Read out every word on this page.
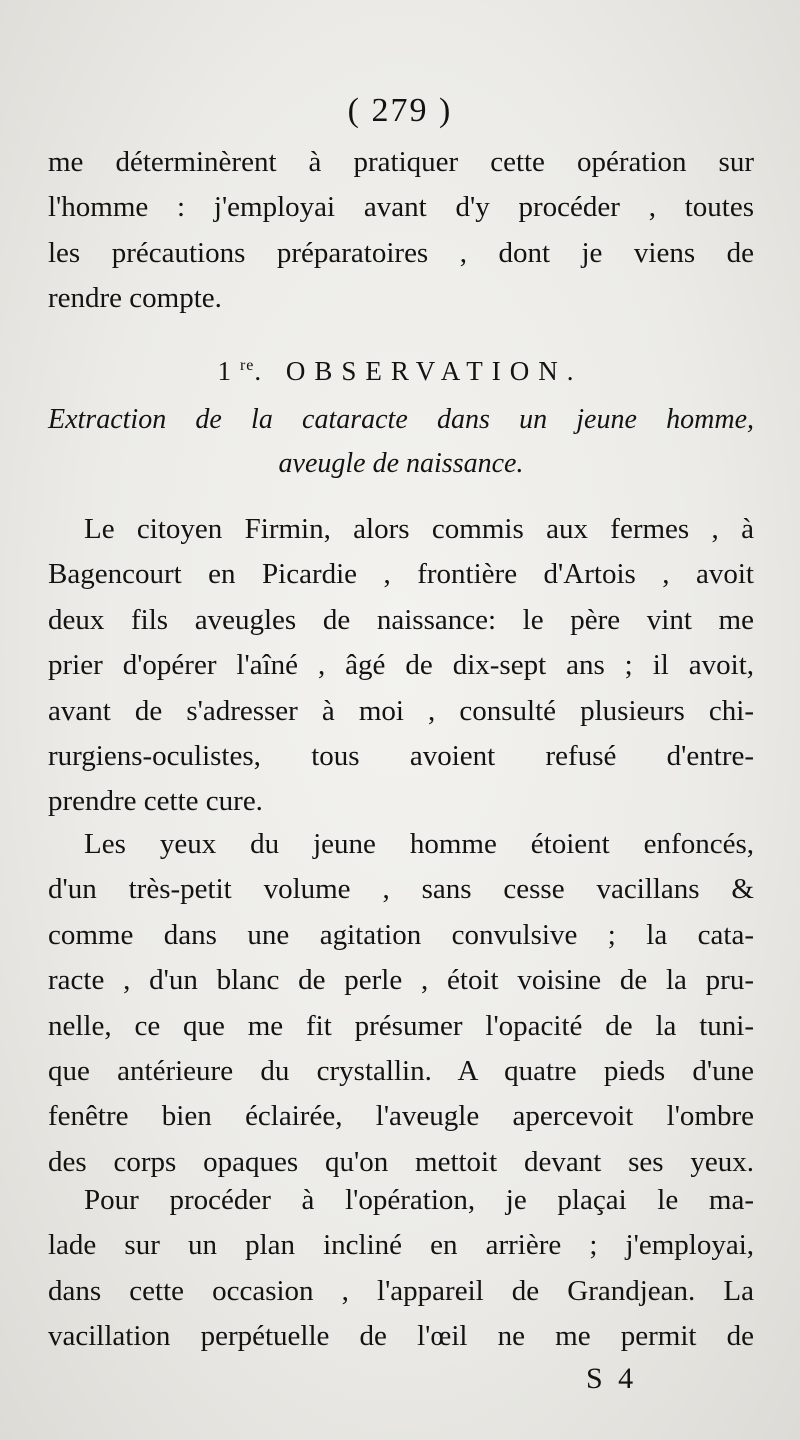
( 279 )
me déterminèrent à pratiquer cette opération sur
l'homme : j'employai avant d'y procéder , toutes
les précautions préparatoires , dont je viens de
rendre compte.
1re. OBSERVATION.
Extraction de la cataracte dans un jeune homme,
aveugle de naissance.
Le citoyen Firmin, alors commis aux fermes , à
Bagencourt en Picardie , frontière d'Artois , avoit
deux fils aveugles de naissance: le père vint me
prier d'opérer l'aîné , âgé de dix-sept ans ; il avoit,
avant de s'adresser à moi , consulté plusieurs chi-
rurgiens-oculistes, tous avoient refusé d'entre-
prendre cette cure.
Les yeux du jeune homme étoient enfoncés,
d'un très-petit volume , sans cesse vacillans &
comme dans une agitation convulsive ; la cata-
racte , d'un blanc de perle , étoit voisine de la pru-
nelle, ce que me fit présumer l'opacité de la tuni-
que antérieure du crystallin. A quatre pieds d'une
fenêtre bien éclairée, l'aveugle apercevoit l'ombre
des corps opaques qu'on mettoit devant ses yeux.
Pour procéder à l'opération, je plaçai le ma-
lade sur un plan incliné en arrière ; j'employai,
dans cette occasion , l'appareil de Grandjean. La
vacillation perpétuelle de l'œil ne me permit de
S 4
